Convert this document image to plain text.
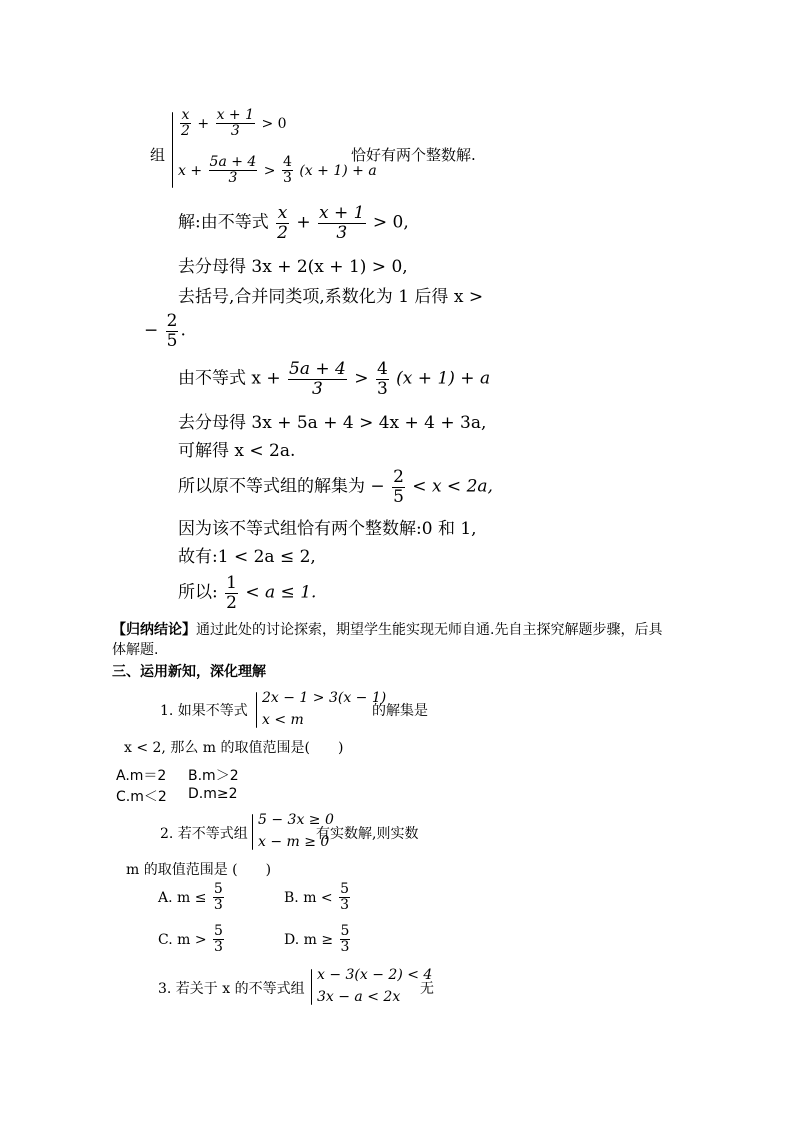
组
$\frac{x}{2} + \frac{x + 1}{3} > 0$
$x + \frac{5a + 4}{3} > \frac{4}{3} (x + 1) + a$
恰好有两个整数解.
解:由不等式 $\frac{x}{2} + \frac{x + 1}{3} > 0$,
去分母得 3x + 2(x + 1) > 0,
去括号,合并同类项,系数化为 1 后得 x >
− $\frac{2}{5}$ .
由不等式 $x + \frac{5a + 4}{3} > \frac{4}{3} (x + 1) + a$
去分母得 3x + 5a + 4 > 4x + 4 + 3a,
可解得 x < 2a.
所以原不等式组的解集为 − $\frac{2}{5} < x < 2a$,
因为该不等式组恰有两个整数解:0 和 1,
故有:1 < 2a ≤ 2,
所以: $\frac{1}{2} < a \le 1$.
【归纳结论】通过此处的讨论探索，期望学生能实现无师自通.先自主探究解题步骤，后具
体解题.
三、运用新知，深化理解
1. 如果不等式
2x − 1 > 3(x − 1)
x < m
的解集是
x < 2, 那么 m 的取值范围是(　　)
A.m＝2 B.m＞2
C.m＜2 D.m≥2
2. 若不等式组
5 − 3x ≥ 0
x − m ≥ 0
有实数解,则实数
m 的取值范围是 (　　)
A. $m \le \frac{5}{3}$	B. $m < \frac{5}{3}$
C. $m > \frac{5}{3}$	D. $m \ge \frac{5}{3}$
3. 若关于 x 的不等式组
x − 3(x − 2) < 4
3x − a < 2x 无
